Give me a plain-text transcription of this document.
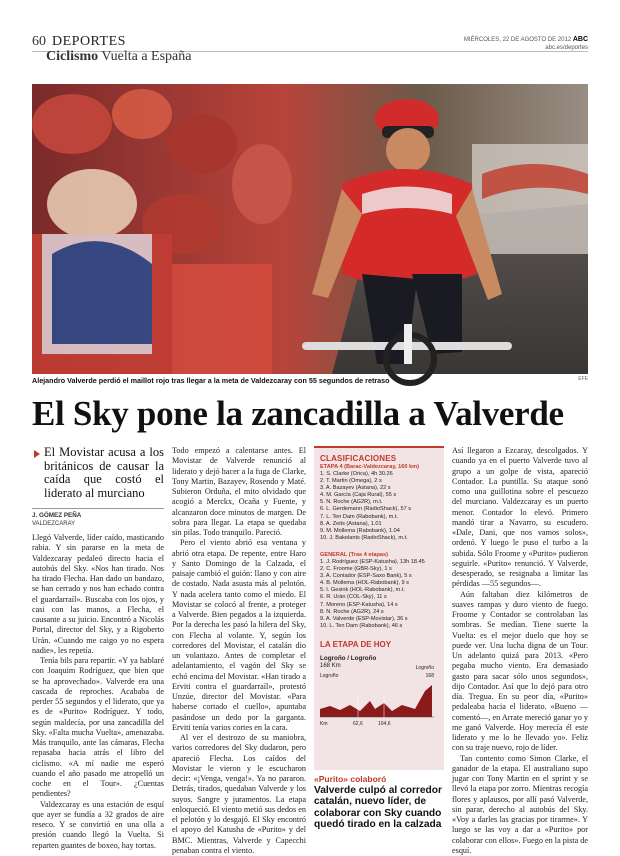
60 DEPORTES	MIÉRCOLES, 22 DE AGOSTO DE 2012 ABC
abc.es/deportes
Ciclismo Vuelta a España
Alejandro Valverde perdió el maillot rojo tras llegar a la meta de Valdezcaray con 55 segundos de retraso	EFE
El Sky pone la zancadilla a Valverde
El Movistar acusa a los británicos de causar la caída que costó el liderato al murciano
J. GÓMEZ PEÑA
VALDEZCARAY

Llegó Valverde, líder caído, masticando rabia. Y sin pararse en la meta de Valdezcaray pedaleó directo hacia el autobús del Sky. «Nos han tirado. Nos ha tirado Flecha. Han dado un bandazo, se han cerrado y nos han echado contra el guardarraíl». Buscaba con los ojos, y casi con las manos, a Flecha, el causante a su juicio. Encontró a Nicolás Portal, director del Sky, y a Rigoberto Urán. «Cuando me caigo yo no espera nadie», les repetía.

Tenía bils para repartir. «Y ya hablaré con Joaquim Rodríguez, que bien que se ha aprovechado». Valverde era una cascada de reproches. Acababa de perder 55 segundos y el liderato, que ya es de «Purito» Rodríguez. Y todo, según maldecía, por una zancadilla del Sky. «Falta mucha Vuelta», amenazaba. Más tranquilo, ante las cámaras, Flecha repasaba hacia atrás el libro del ciclismo. «A mí nadie me esperó cuando el año pasado me atropelló un coche en el Tour». ¿Cuentas pendientes?

Valdezcaray es una estación de esquí que ayer se fundía a 32 grados de aire reseco. Y se convirtió en una olla a presión cuando llegó la Vuelta. Si reparten guantes de boxeo, hay tortas.

Todo empezó a calentarse antes. El Movistar de Valverde renunció al liderato y dejó hacer a la fuga de Clarke, Tony Martin, Bazayev, Rosendo y Maté. Subieron Orduña, el mito olvidado que acogió a Merckx, Ocaña y Fuente, y alcanzaron doce minutos de margen. De sobra para llegar. La etapa se quedaba sin pilas. Todo tranquilo. Pareció.

Pero el viento abrió esa ventana y abrió otra etapa. De repente, entre Haro y Santo Domingo de la Calzada, el paisaje cambió el guión: llano y con aire de costado. Nada asusta más al pelotón. Y nada acelera tanto como el miedo. El Movistar se colocó al frente, a proteger a Valverde. Bien pegados a la izquierda. Por la derecha les pasó la hilera del Sky, con Flecha al volante. Y, según los corredores del Movistar, el catalán dio un volantazo. Antes de completar el adelantamiento, el vagón del Sky se echó encima del Movistar. «Han tirado a Erviti contra el guardarraíl», protestó Unzúe, director del Movistar. «Para haberse cortado el cuello», apuntaba pasándose un dedo por la garganta. Erviti tenía varios cortes en la cara.

Al ver el destrozo de su maniobra, varios corredores del Sky dudaron, pero apareció Flecha. Los caídos del Movistar le vieron y le escucharon decir: «¡Venga, venga!». Ya no pararon. Detrás, tirados, quedaban Valverde y los suyos. Sangre y juramentos. La etapa enloqueció. El viento metió sus dedos en el pelotón y lo desgajó. El Sky encontró el apoyo del Katusha de «Purito» y del BMC. Mientras, Valverde y Capecchi penaban contra el viento.

CLASIFICACIONES
ETAPA 4 (Barac-Valdezcaray, 160 km)
1. S. Clarke (Orica), 4h 30.26
2. T. Martin (Omega), 2 s
3. A. Bazayev (Astana), 22 s
4. M. García (Caja Rural), 55 s
5. N. Roche (AG2R), m.t.
6. L. Gerdemann (RadioShack), 57 s
7. L. Ten Dam (Rabobank), m.t.
8. A. Zeits (Astana), 1.01
9. M. Mollema (Rabobank), 1.04
10. J. Bakelants (RadioShack), m.t.
GENERAL (Tras 4 etapas)
1. J. Rodríguez (ESP-Katusha), 13h 18.45
2. C. Froome (GBR-Sky), 1 s
3. A. Contador (ESP-Saxo Bank), 5 s
4. B. Mollema (HOL-Rabobank), 9 s
5. I. Gesink (HOL-Rabobank), m.t.
6. R. Urán (COL-Sky), 11 s
7. Moreno (ESP-Katusha), 14 s
8. N. Roche (AG2R), 24 s
9. A. Valverde (ESP-Movistar), 36 s
10. L. Ten Dam (Rabobank), 46 s
LA ETAPA DE HOY
Logroño / Logroño
168 Km
Logroño
Logroño
168
Km	62,6	104,6
«Purito» colaboró
Valverde culpó al corredor catalán, nuevo líder, de colaborar con Sky cuando quedó tirado en la calzada

Así llegaron a Ezcaray, descolgados. Y cuando ya en el puerto Valverde tuvo al grupo a un golpe de vista, apareció Contador. La puntilla. Su ataque sonó como una guillotina sobre el pescuezo del murciano. Valdezcaray es un puerto menor. Contador lo elevó. Primero mandó tirar a Navarro, su escudero. «Dale, Dani, que nos vamos solos», ordenó. Y luego le puso el turbo a la subida. Sólo Froome y «Purito» pudieron seguirle. «Purito» renunció. Y Valverde, desesperado, se resignaba a limitar las pérdidas —55 segundos—.

Aún faltaban diez kilómetros de suaves rampas y duro viento de fuego. Froome y Contador se controlaban las sombras. Se medían. Tiene suerte la Vuelta: es el mejor duelo que hoy se puede ver. Una lucha digna de un Tour. Un adelanto quizá para 2013. «Pero pegaba mucho viento. Era demasiado gasto para sacar sólo unos segundos», dijo Contador. Así que lo dejó para otro día. Tregua. En su peor día, «Purito» pedaleaba hacia el liderato. «Bueno —comentó—, en Arrate mereció ganar yo y me ganó Valverde. Hoy merecía él este liderato y me lo he llevado yo». Feliz con su traje nuevo, rojo de líder.

Tan contento como Simon Clarke, el ganador de la etapa. El australiano supo jugar con Tony Martin en el sprint y se llevó la etapa por zorro. Mientras recogía flores y aplausos, por allí pasó Valverde, sin parar, derecho al autobús del Sky. «Voy a darles las gracias por tirarme». Y luego se las voy a dar a «Purito» por colaborar con ellos». Fuego en la pista de esquí.
